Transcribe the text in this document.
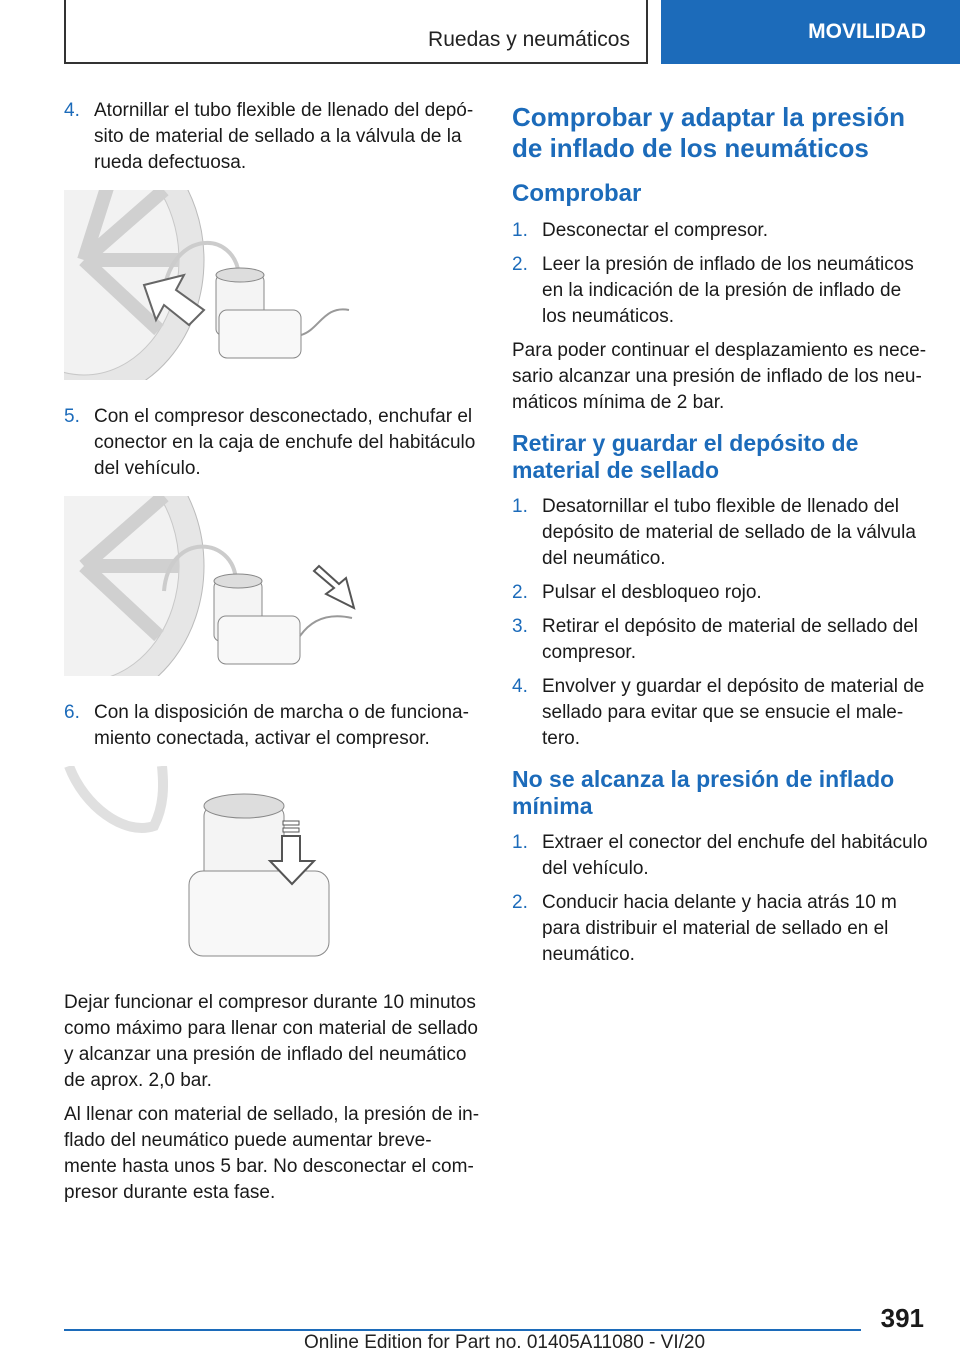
Ruedas y neumáticos	MOVILIDAD
4. Atornillar el tubo flexible de llenado del depó-sito de material de sellado a la válvula de la rueda defectuosa.
5. Con el compresor desconectado, enchufar el conector en la caja de enchufe del habitáculo del vehículo.
6. Con la disposición de marcha o de funciona-miento conectada, activar el compresor.

Dejar funcionar el compresor durante 10 minutos como máximo para llenar con material de sellado y alcanzar una presión de inflado del neumático de aprox. 2,0 bar.

Al llenar con material de sellado, la presión de in-flado del neumático puede aumentar breve-mente hasta unos 5 bar. No desconectar el com-presor durante esta fase.

Comprobar y adaptar la presión de inflado de los neumáticos
Comprobar
1. Desconectar el compresor.
2. Leer la presión de inflado de los neumáticos en la indicación de la presión de inflado de los neumáticos.

Para poder continuar el desplazamiento es nece-sario alcanzar una presión de inflado de los neu-máticos mínima de 2 bar.

Retirar y guardar el depósito de material de sellado
1. Desatornillar el tubo flexible de llenado del depósito de material de sellado de la válvula del neumático.
2. Pulsar el desbloqueo rojo.
3. Retirar el depósito de material de sellado del compresor.
4. Envolver y guardar el depósito de material de sellado para evitar que se ensucie el male-tero.
No se alcanza la presión de inflado mínima
1. Extraer el conector del enchufe del habitáculo del vehículo.
2. Conducir hacia delante y hacia atrás 10 m para distribuir el material de sellado en el neumático.
391
Online Edition for Part no. 01405A11080 - VI/20
